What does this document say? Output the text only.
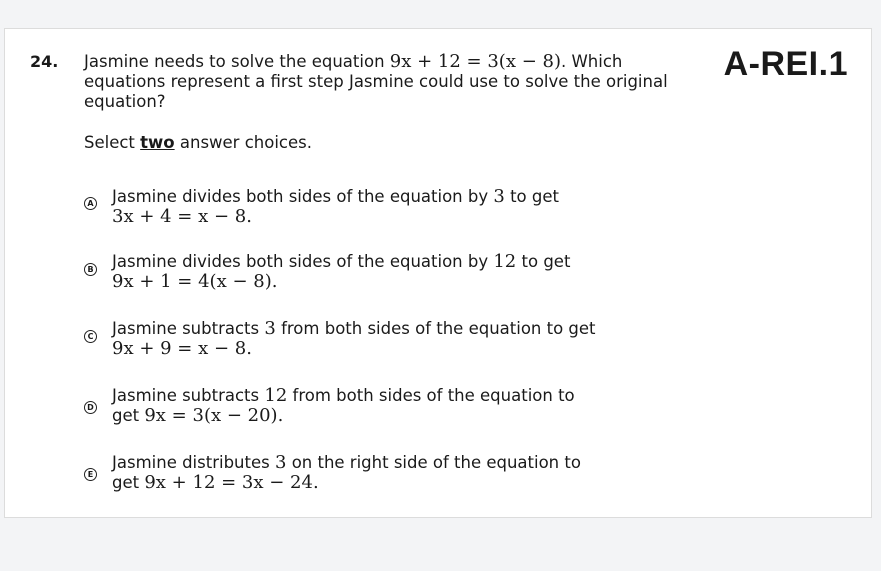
24. Jasmine needs to solve the equation 9x + 12 = 3(x − 8). Which equations represent a first step Jasmine could use to solve the original equation?
A-REI.1
Select two answer choices.
A Jasmine divides both sides of the equation by 3 to get
3x + 4 = x − 8.
B Jasmine divides both sides of the equation by 12 to get
9x + 1 = 4(x − 8).
C Jasmine subtracts 3 from both sides of the equation to get
9x + 9 = x − 8.
D
Jasmine subtracts 12 from both sides of the equation to
get 9x = 3(x − 20).
E
Jasmine distributes 3 on the right side of the equation to
get 9x + 12 = 3x − 24.
